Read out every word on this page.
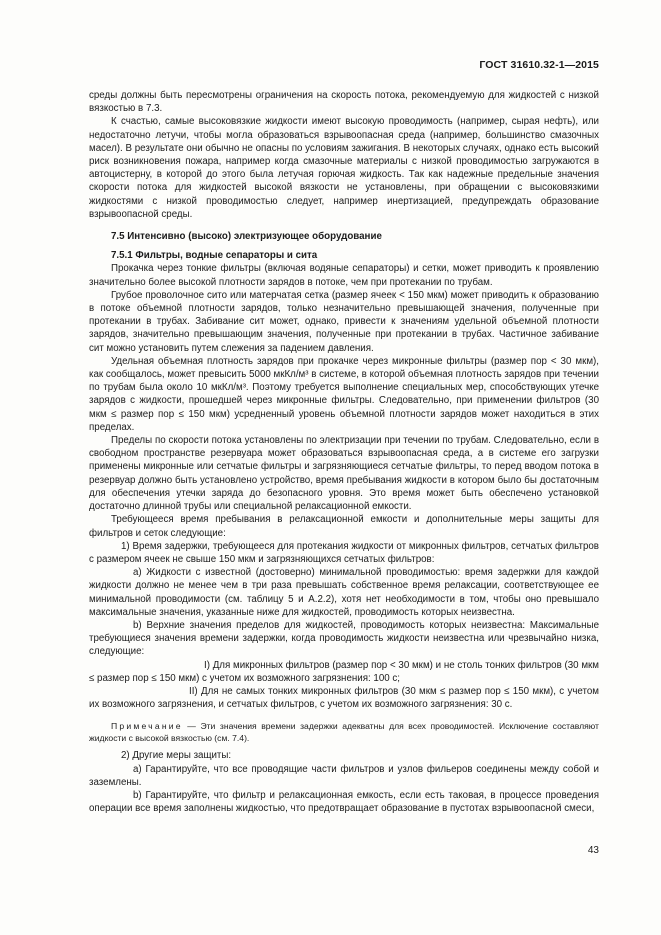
ГОСТ 31610.32-1—2015

среды должны быть пересмотрены ограничения на скорость потока, рекомендуемую для жидкостей с низкой вязкостью в 7.3.

К счастью, самые высоковязкие жидкости имеют высокую проводимость (например, сырая нефть), или недостаточно летучи, чтобы могла образоваться взрывоопасная среда (например, большинство смазочных масел). В результате они обычно не опасны по условиям зажигания. В некоторых случаях, однако есть высокий риск возникновения пожара, например когда смазочные материалы с низкой проводимостью загружаются в автоцистерну, в которой до этого была летучая горючая жидкость. Так как надежные предельные значения скорости потока для жидкостей высокой вязкости не установлены, при обращении с высоковязкими жидкостями с низкой проводимостью следует, например инертизацией, предупреждать образование взрывоопасной среды.

7.5 Интенсивно (высоко) электризующее оборудование

7.5.1 Фильтры, водные сепараторы и сита

Прокачка через тонкие фильтры (включая водяные сепараторы) и сетки, может приводить к проявлению значительно более высокой плотности зарядов в потоке, чем при протекании по трубам.

Грубое проволочное сито или матерчатая сетка (размер ячеек < 150 мкм) может приводить к образованию в потоке объемной плотности зарядов, только незначительно превышающей значения, полученные при протекании в трубах. Забивание сит может, однако, привести к значениям удельной объемной плотности зарядов, значительно превышающим значения, полученные при протекании в трубах. Частичное забивание сит можно установить путем слежения за падением давления.

Удельная объемная плотность зарядов при прокачке через микронные фильтры (размер пор < 30 мкм), как сообщалось, может превысить 5000 мкКл/м³ в системе, в которой объемная плотность зарядов при течении по трубам была около 10 мкКл/м³. Поэтому требуется выполнение специальных мер, способствующих утечке зарядов с жидкости, прошедшей через микронные фильтры. Следовательно, при применении фильтров (30 мкм ≤ размер пор ≤ 150 мкм) усредненный уровень объемной плотности зарядов может находиться в этих пределах.

Пределы по скорости потока установлены по электризации при течении по трубам. Следовательно, если в свободном пространстве резервуара может образоваться взрывоопасная среда, а в системе его загрузки применены микронные или сетчатые фильтры и загрязняющиеся сетчатые фильтры, то перед вводом потока в резервуар должно быть установлено устройство, время пребывания жидкости в котором было бы достаточным для обеспечения утечки заряда до безопасного уровня. Это время может быть обеспечено установкой достаточно длинной трубы или специальной релаксационной емкости.

Требующееся время пребывания в релаксационной емкости и дополнительные меры защиты для фильтров и сеток следующие:

1) Время задержки, требующееся для протекания жидкости от микронных фильтров, сетчатых фильтров с размером ячеек не свыше 150 мкм и загрязняющихся сетчатых фильтров:

а) Жидкости с известной (достоверно) минимальной проводимостью: время задержки для каждой жидкости должно не менее чем в три раза превышать собственное время релаксации, соответствующее ее минимальной проводимости (см. таблицу 5 и А.2.2), хотя нет необходимости в том, чтобы оно превышало максимальные значения, указанные ниже для жидкостей, проводимость которых неизвестна.

b) Верхние значения пределов для жидкостей, проводимость которых неизвестна: Максимальные требующиеся значения времени задержки, когда проводимость жидкости неизвестна или чрезвычайно низка, следующие:

I) Для микронных фильтров (размер пор < 30 мкм) и не столь тонких фильтров (30 мкм ≤ размер пор ≤ 150 мкм) с учетом их возможного загрязнения: 100 с;

II) Для не самых тонких микронных фильтров (30 мкм ≤ размер пор ≤ 150 мкм), с учетом их возможного загрязнения, и сетчатых фильтров, с учетом их возможного загрязнения: 30 с.

Примечание — Эти значения времени задержки адекватны для всех проводимостей. Исключение составляют жидкости с высокой вязкостью (см. 7.4).

2) Другие меры защиты:

а) Гарантируйте, что все проводящие части фильтров и узлов фильеров соединены между собой и заземлены.

b) Гарантируйте, что фильтр и релаксационная емкость, если есть таковая, в процессе проведения операции все время заполнены жидкостью, что предотвращает образование в пустотах взрывоопасной смеси,

43
